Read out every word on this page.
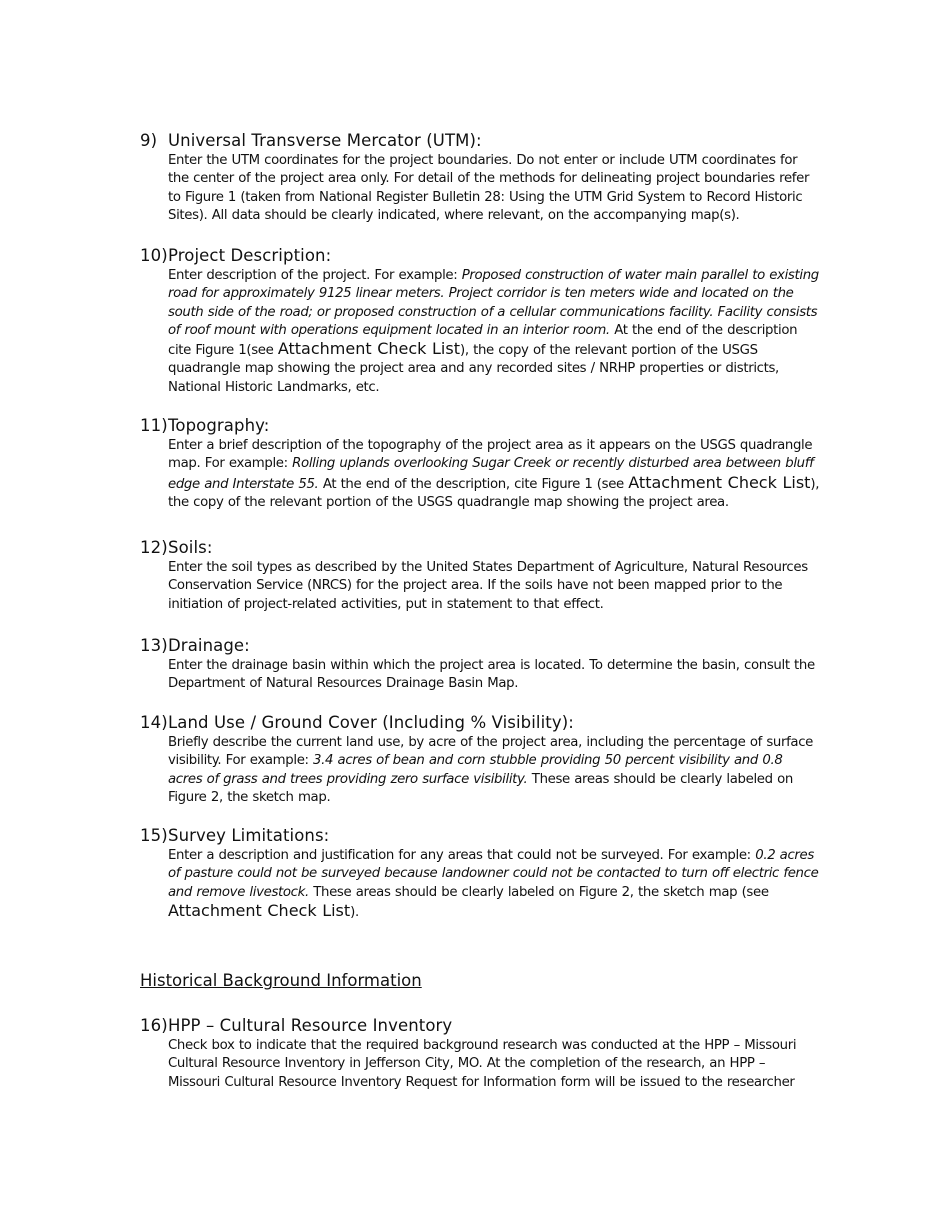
9) Universal Transverse Mercator (UTM):
Enter the UTM coordinates for the project boundaries. Do not enter or include UTM coordinates for the center of the project area only. For detail of the methods for delineating project boundaries refer to Figure 1 (taken from National Register Bulletin 28: Using the UTM Grid System to Record Historic Sites). All data should be clearly indicated, where relevant, on the accompanying map(s).
10)Project Description:
Enter description of the project. For example: Proposed construction of water main parallel to existing road for approximately 9125 linear meters. Project corridor is ten meters wide and located on the south side of the road; or proposed construction of a cellular communications facility. Facility consists of roof mount with operations equipment located in an interior room. At the end of the description cite Figure 1(see Attachment Check List), the copy of the relevant portion of the USGS quadrangle map showing the project area and any recorded sites / NRHP properties or districts, National Historic Landmarks, etc.
11)Topography:
Enter a brief description of the topography of the project area as it appears on the USGS quadrangle map. For example: Rolling uplands overlooking Sugar Creek or recently disturbed area between bluff edge and Interstate 55. At the end of the description, cite Figure 1 (see Attachment Check List), the copy of the relevant portion of the USGS quadrangle map showing the project area.
12)Soils:
Enter the soil types as described by the United States Department of Agriculture, Natural Resources Conservation Service (NRCS) for the project area. If the soils have not been mapped prior to the initiation of project-related activities, put in statement to that effect.
13)Drainage:
Enter the drainage basin within which the project area is located. To determine the basin, consult the Department of Natural Resources Drainage Basin Map.
14)Land Use / Ground Cover (Including % Visibility):
Briefly describe the current land use, by acre of the project area, including the percentage of surface visibility. For example: 3.4 acres of bean and corn stubble providing 50 percent visibility and 0.8 acres of grass and trees providing zero surface visibility. These areas should be clearly labeled on Figure 2, the sketch map.
15)Survey Limitations:
Enter a description and justification for any areas that could not be surveyed. For example: 0.2 acres of pasture could not be surveyed because landowner could not be contacted to turn off electric fence and remove livestock. These areas should be clearly labeled on Figure 2, the sketch map (see Attachment Check List).
Historical Background Information
16)HPP – Cultural Resource Inventory
Check box to indicate that the required background research was conducted at the HPP – Missouri Cultural Resource Inventory in Jefferson City, MO. At the completion of the research, an HPP – Missouri Cultural Resource Inventory Request for Information form will be issued to the researcher
